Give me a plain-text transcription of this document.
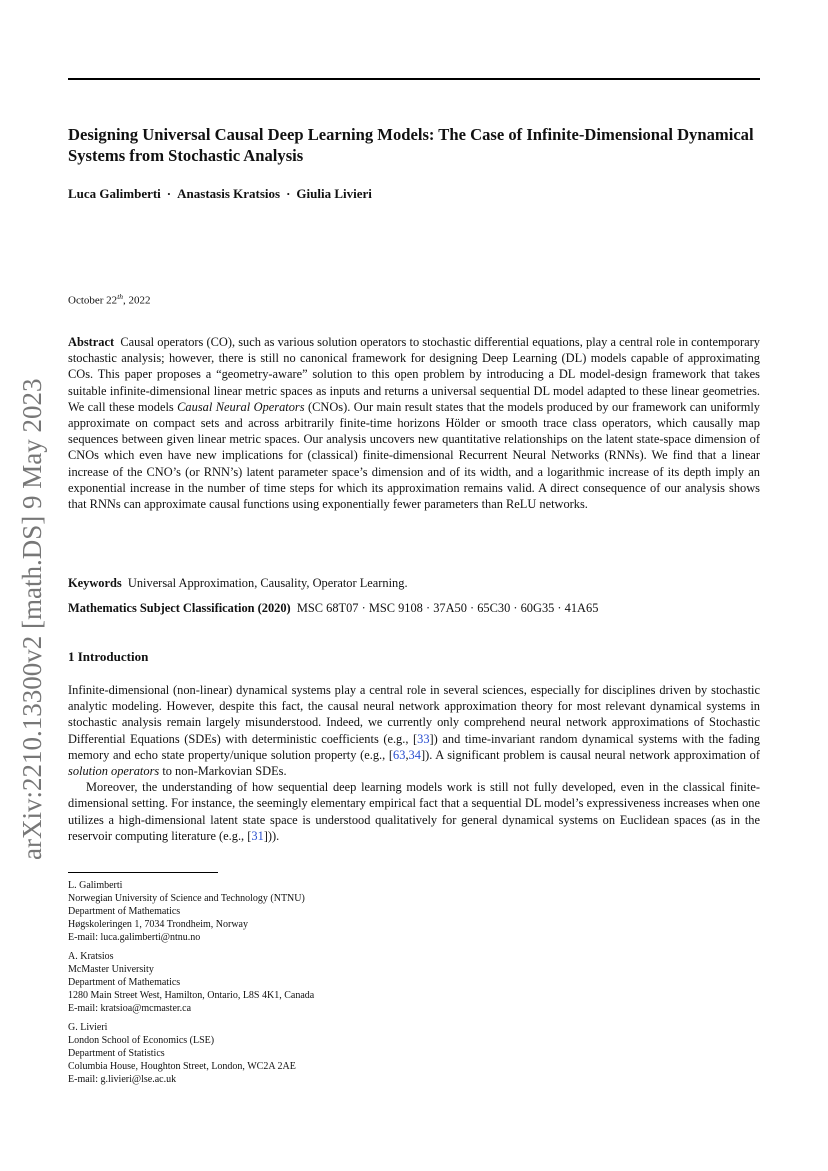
arXiv:2210.13300v2 [math.DS] 9 May 2023
Designing Universal Causal Deep Learning Models: The Case of Infinite-Dimensional Dynamical Systems from Stochastic Analysis
Luca Galimberti · Anastasis Kratsios · Giulia Livieri
October 22th, 2022
Abstract Causal operators (CO), such as various solution operators to stochastic differential equations, play a central role in contemporary stochastic analysis; however, there is still no canonical framework for designing Deep Learning (DL) models capable of approximating COs. This paper proposes a “geometry-aware” solution to this open problem by introducing a DL model-design framework that takes suitable infinite-dimensional linear metric spaces as inputs and returns a universal sequential DL model adapted to these linear geometries. We call these models Causal Neural Operators (CNOs). Our main result states that the models produced by our framework can uniformly approximate on compact sets and across arbitrarily finite-time horizons Hölder or smooth trace class operators, which causally map sequences between given linear metric spaces. Our analysis uncovers new quantitative relationships on the latent state-space dimension of CNOs which even have new implications for (classical) finite-dimensional Recurrent Neural Networks (RNNs). We find that a linear increase of the CNO’s (or RNN’s) latent parameter space’s dimension and of its width, and a logarithmic increase of its depth imply an exponential increase in the number of time steps for which its approximation remains valid. A direct consequence of our analysis shows that RNNs can approximate causal functions using exponentially fewer parameters than ReLU networks.
Keywords Universal Approximation, Causality, Operator Learning.
Mathematics Subject Classification (2020) MSC 68T07 · MSC 9108 · 37A50 · 65C30 · 60G35 · 41A65
1 Introduction

Infinite-dimensional (non-linear) dynamical systems play a central role in several sciences, especially for disciplines driven by stochastic analytic modeling. However, despite this fact, the causal neural network approximation theory for most relevant dynamical systems in stochastic analysis remain largely misunderstood. Indeed, we currently only comprehend neural network approximations of Stochastic Differential Equations (SDEs) with deterministic coefficients (e.g., [33]) and time-invariant random dynamical systems with the fading memory and echo state property/unique solution property (e.g., [63,34]). A significant problem is causal neural network approximation of solution operators to non-Markovian SDEs.

Moreover, the understanding of how sequential deep learning models work is still not fully developed, even in the classical finite-dimensional setting. For instance, the seemingly elementary empirical fact that a sequential DL model’s expressiveness increases when one utilizes a high-dimensional latent state space is understood qualitatively for general dynamical systems on Euclidean spaces (as in the reservoir computing literature (e.g., [31])).

L. Galimberti
Norwegian University of Science and Technology (NTNU)
Department of Mathematics
Høgskoleringen 1, 7034 Trondheim, Norway
E-mail: luca.galimberti@ntnu.no
A. Kratsios
McMaster University
Department of Mathematics
1280 Main Street West, Hamilton, Ontario, L8S 4K1, Canada
E-mail: kratsioa@mcmaster.ca
G. Livieri
London School of Economics (LSE)
Department of Statistics
Columbia House, Houghton Street, London, WC2A 2AE
E-mail: g.livieri@lse.ac.uk
